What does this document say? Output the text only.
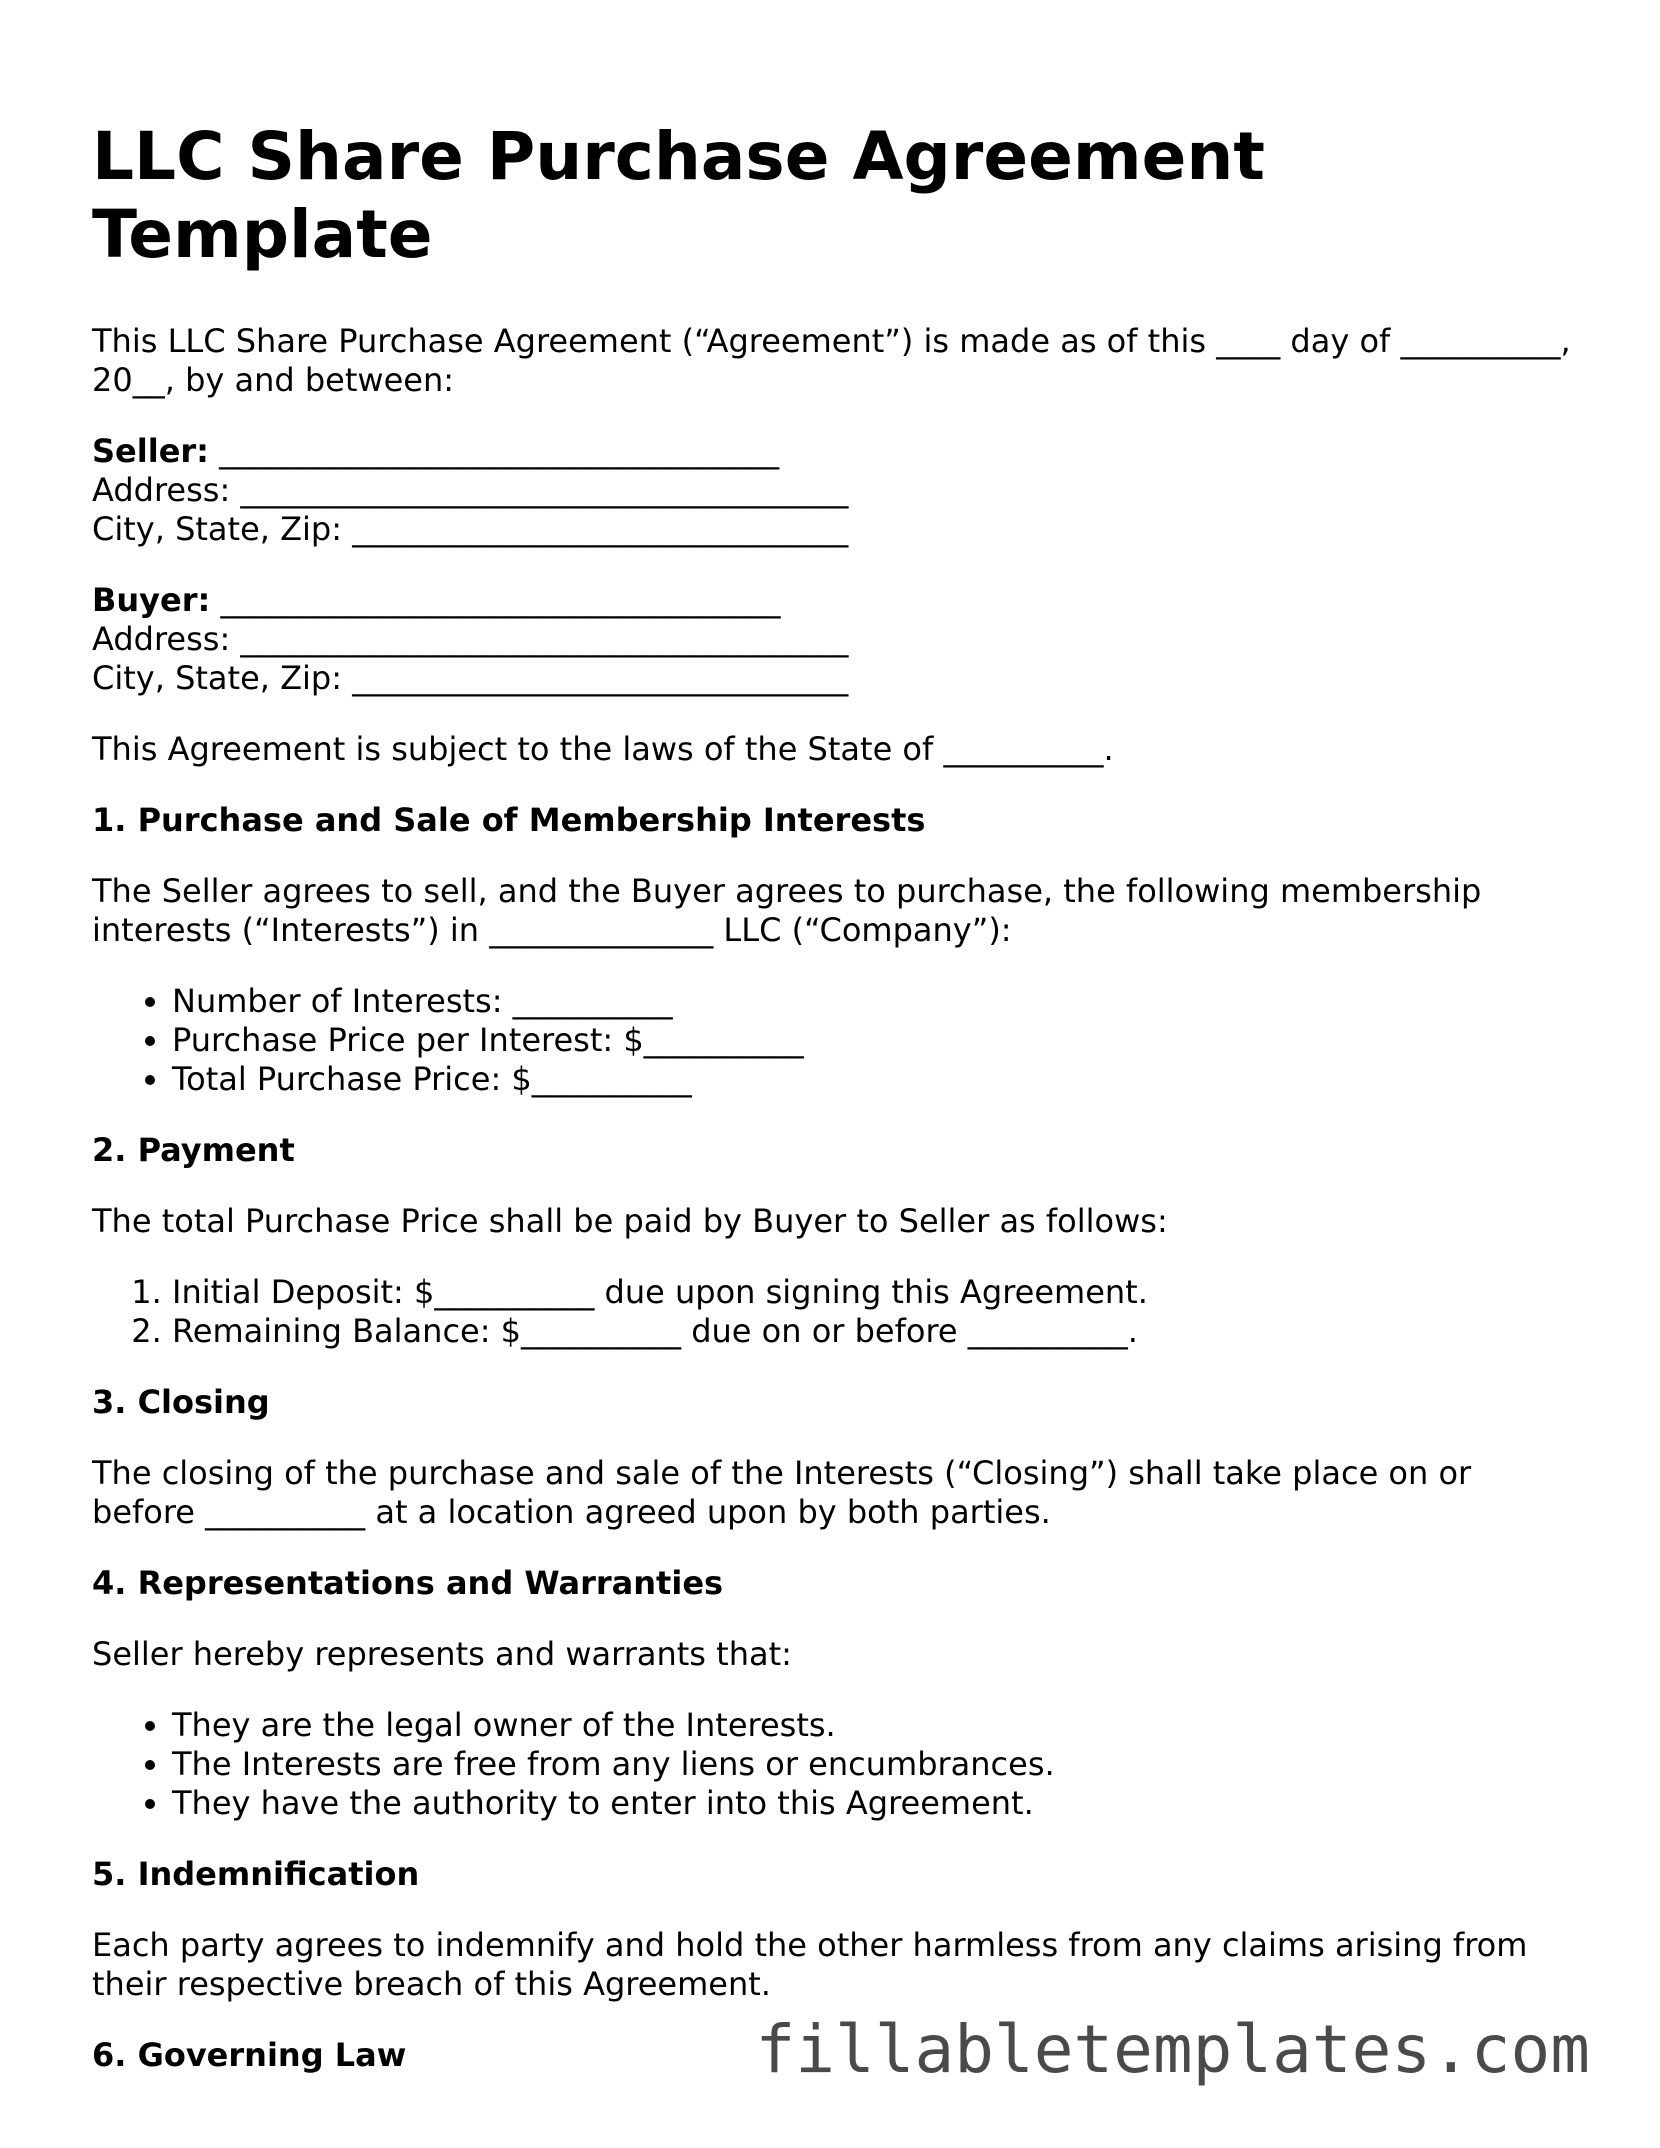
LLC Share Purchase Agreement
Template

This LLC Share Purchase Agreement (“Agreement”) is made as of this ____ day of __________, 20__, by and between:

Seller: ___________________________________
Address: ______________________________________
City, State, Zip: _______________________________
Buyer: ___________________________________
Address: ______________________________________
City, State, Zip: _______________________________

This Agreement is subject to the laws of the State of __________.

1. Purchase and Sale of Membership Interests

The Seller agrees to sell, and the Buyer agrees to purchase, the following membership interests (“Interests”) in ______________ LLC (“Company”):

• Number of Interests: __________
• Purchase Price per Interest: $__________
• Total Purchase Price: $__________
2. Payment

The total Purchase Price shall be paid by Buyer to Seller as follows:

1. Initial Deposit: $__________ due upon signing this Agreement.
2. Remaining Balance: $__________ due on or before __________.
3. Closing

The closing of the purchase and sale of the Interests (“Closing”) shall take place on or before __________ at a location agreed upon by both parties.

4. Representations and Warranties

Seller hereby represents and warrants that:

• They are the legal owner of the Interests.
• The Interests are free from any liens or encumbrances.
• They have the authority to enter into this Agreement.
5. Indemnification

Each party agrees to indemnify and hold the other harmless from any claims arising from their respective breach of this Agreement.

6. Governing Law	fillabletemplates.com
